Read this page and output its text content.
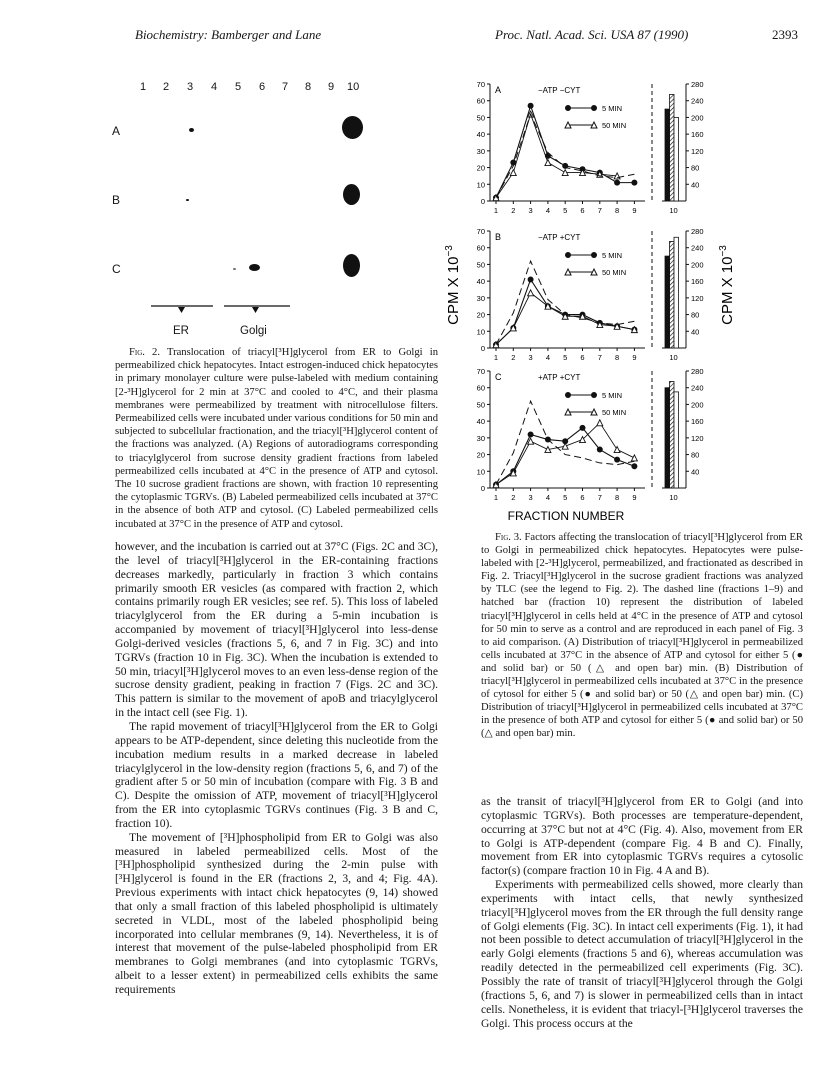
Biochemistry: Bamberger and Lane	Proc. Natl. Acad. Sci. USA 87 (1990)	2393
1 2 3 4 5 6 7 8 9 10
A
B
C
ER	Golgi
Fig. 2. Translocation of triacyl[³H]glycerol from ER to Golgi in permeabilized chick hepatocytes. Intact estrogen-induced chick hepatocytes in primary monolayer culture were pulse-labeled with medium containing [2-³H]glycerol for 2 min at 37°C and cooled to 4°C, and their plasma membranes were permeabilized by treatment with nitrocellulose filters. Permeabilized cells were incubated under various conditions for 50 min and subjected to subcellular fractionation, and the triacyl[³H]glycerol content of the fractions was analyzed. (A) Regions of autoradiograms corresponding to triacylglycerol from sucrose density gradient fractions from labeled permeabilized cells incubated at 4°C in the presence of ATP and cytosol. The 10 sucrose gradient fractions are shown, with fraction 10 representing the cytoplasmic TGRVs. (B) Labeled permeabilized cells incubated at 37°C in the absence of both ATP and cytosol. (C) Labeled permeabilized cells incubated at 37°C in the presence of ATP and cytosol.
0
10
20
30
40
50
60
70
40
80
120
160
200
240
280
1 2 3 4 5 6 7 8 9	10
A	−ATP −CYT
5 MIN
50 MIN
0
10
20
30
40
50
60
70
40
80
120
160
200
240
280
1 2 3 4 5 6 7 8 9	10
B	−ATP +CYT
5 MIN
50 MIN
0
10
20
30
40
50
60
70
40
80
120
160
200
240
280
1 2 3 4 5 6 7 8 9	10
C	+ATP +CYT
5 MIN
50 MIN
CPM X $10^{-3}$
CPM X $10^{-3}$
FRACTION NUMBER
Fig. 3. Factors affecting the translocation of triacyl[³H]glycerol from ER to Golgi in permeabilized chick hepatocytes. Hepatocytes were pulse-labeled with [2-³H]glycerol, permeabilized, and fractionated as described in Fig. 2. Triacyl[³H]glycerol in the sucrose gradient fractions was analyzed by TLC (see the legend to Fig. 2). The dashed line (fractions 1–9) and hatched bar (fraction 10) represent the distribution of labeled triacyl[³H]glycerol in cells held at 4°C in the presence of ATP and cytosol for 50 min to serve as a control and are reproduced in each panel of Fig. 3 to aid comparison. (A) Distribution of triacyl[³H]glycerol in permeabilized cells incubated at 37°C in the absence of ATP and cytosol for either 5 (● and solid bar) or 50 (△ and open bar) min. (B) Distribution of triacyl[³H]glycerol in permeabilized cells incubated at 37°C in the presence of cytosol for either 5 (● and solid bar) or 50 (△ and open bar) min. (C) Distribution of triacyl[³H]glycerol in permeabilized cells incubated at 37°C in the presence of both ATP and cytosol for either 5 (● and solid bar) or 50 (△ and open bar) min.

however, and the incubation is carried out at 37°C (Figs. 2C and 3C), the level of triacyl[³H]glycerol in the ER-containing fractions decreases markedly, particularly in fraction 3 which contains primarily smooth ER vesicles (as compared with fraction 2, which contains primarily rough ER vesicles; see ref. 5). This loss of labeled triacylglycerol from the ER during a 5-min incubation is accompanied by movement of triacyl[³H]glycerol into less-dense Golgi-derived vesicles (fractions 5, 6, and 7 in Fig. 3C) and into TGRVs (fraction 10 in Fig. 3C). When the incubation is extended to 50 min, triacyl[³H]glycerol moves to an even less-dense region of the sucrose density gradient, peaking in fraction 7 (Figs. 2C and 3C). This pattern is similar to the movement of apoB and triacylglycerol in the intact cell (see Fig. 1).

The rapid movement of triacyl[³H]glycerol from the ER to Golgi appears to be ATP-dependent, since deleting this nucleotide from the incubation medium results in a marked decrease in labeled triacylglycerol in the low-density region (fractions 5, 6, and 7) of the gradient after 5 or 50 min of incubation (compare with Fig. 3 B and C). Despite the omission of ATP, movement of triacyl[³H]glycerol from the ER into cytoplasmic TGRVs continues (Fig. 3 B and C, fraction 10).

The movement of [³H]phospholipid from ER to Golgi was also measured in labeled permeabilized cells. Most of the [³H]phospholipid synthesized during the 2-min pulse with [³H]glycerol is found in the ER (fractions 2, 3, and 4; Fig. 4A). Previous experiments with intact chick hepatocytes (9, 14) showed that only a small fraction of this labeled phospholipid is ultimately secreted in VLDL, most of the labeled phospholipid being incorporated into cellular membranes (9, 14). Nevertheless, it is of interest that movement of the pulse-labeled phospholipid from ER membranes to Golgi membranes (and into cytoplasmic TGRVs, albeit to a lesser extent) in permeabilized cells exhibits the same requirements

as the transit of triacyl[³H]glycerol from ER to Golgi (and into cytoplasmic TGRVs). Both processes are temperature-dependent, occurring at 37°C but not at 4°C (Fig. 4). Also, movement from ER to Golgi is ATP-dependent (compare Fig. 4 B and C). Finally, movement from ER into cytoplasmic TGRVs requires a cytosolic factor(s) (compare fraction 10 in Fig. 4 A and B).

Experiments with permeabilized cells showed, more clearly than experiments with intact cells, that newly synthesized triacyl[³H]glycerol moves from the ER through the full density range of Golgi elements (Fig. 3C). In intact cell experiments (Fig. 1), it had not been possible to detect accumulation of triacyl[³H]glycerol in the early Golgi elements (fractions 5 and 6), whereas accumulation was readily detected in the permeabilized cell experiments (Fig. 3C). Possibly the rate of transit of triacyl[³H]glycerol through the Golgi (fractions 5, 6, and 7) is slower in permeabilized cells than in intact cells. Nonetheless, it is evident that triacyl-[³H]glycerol traverses the Golgi. This process occurs at the
